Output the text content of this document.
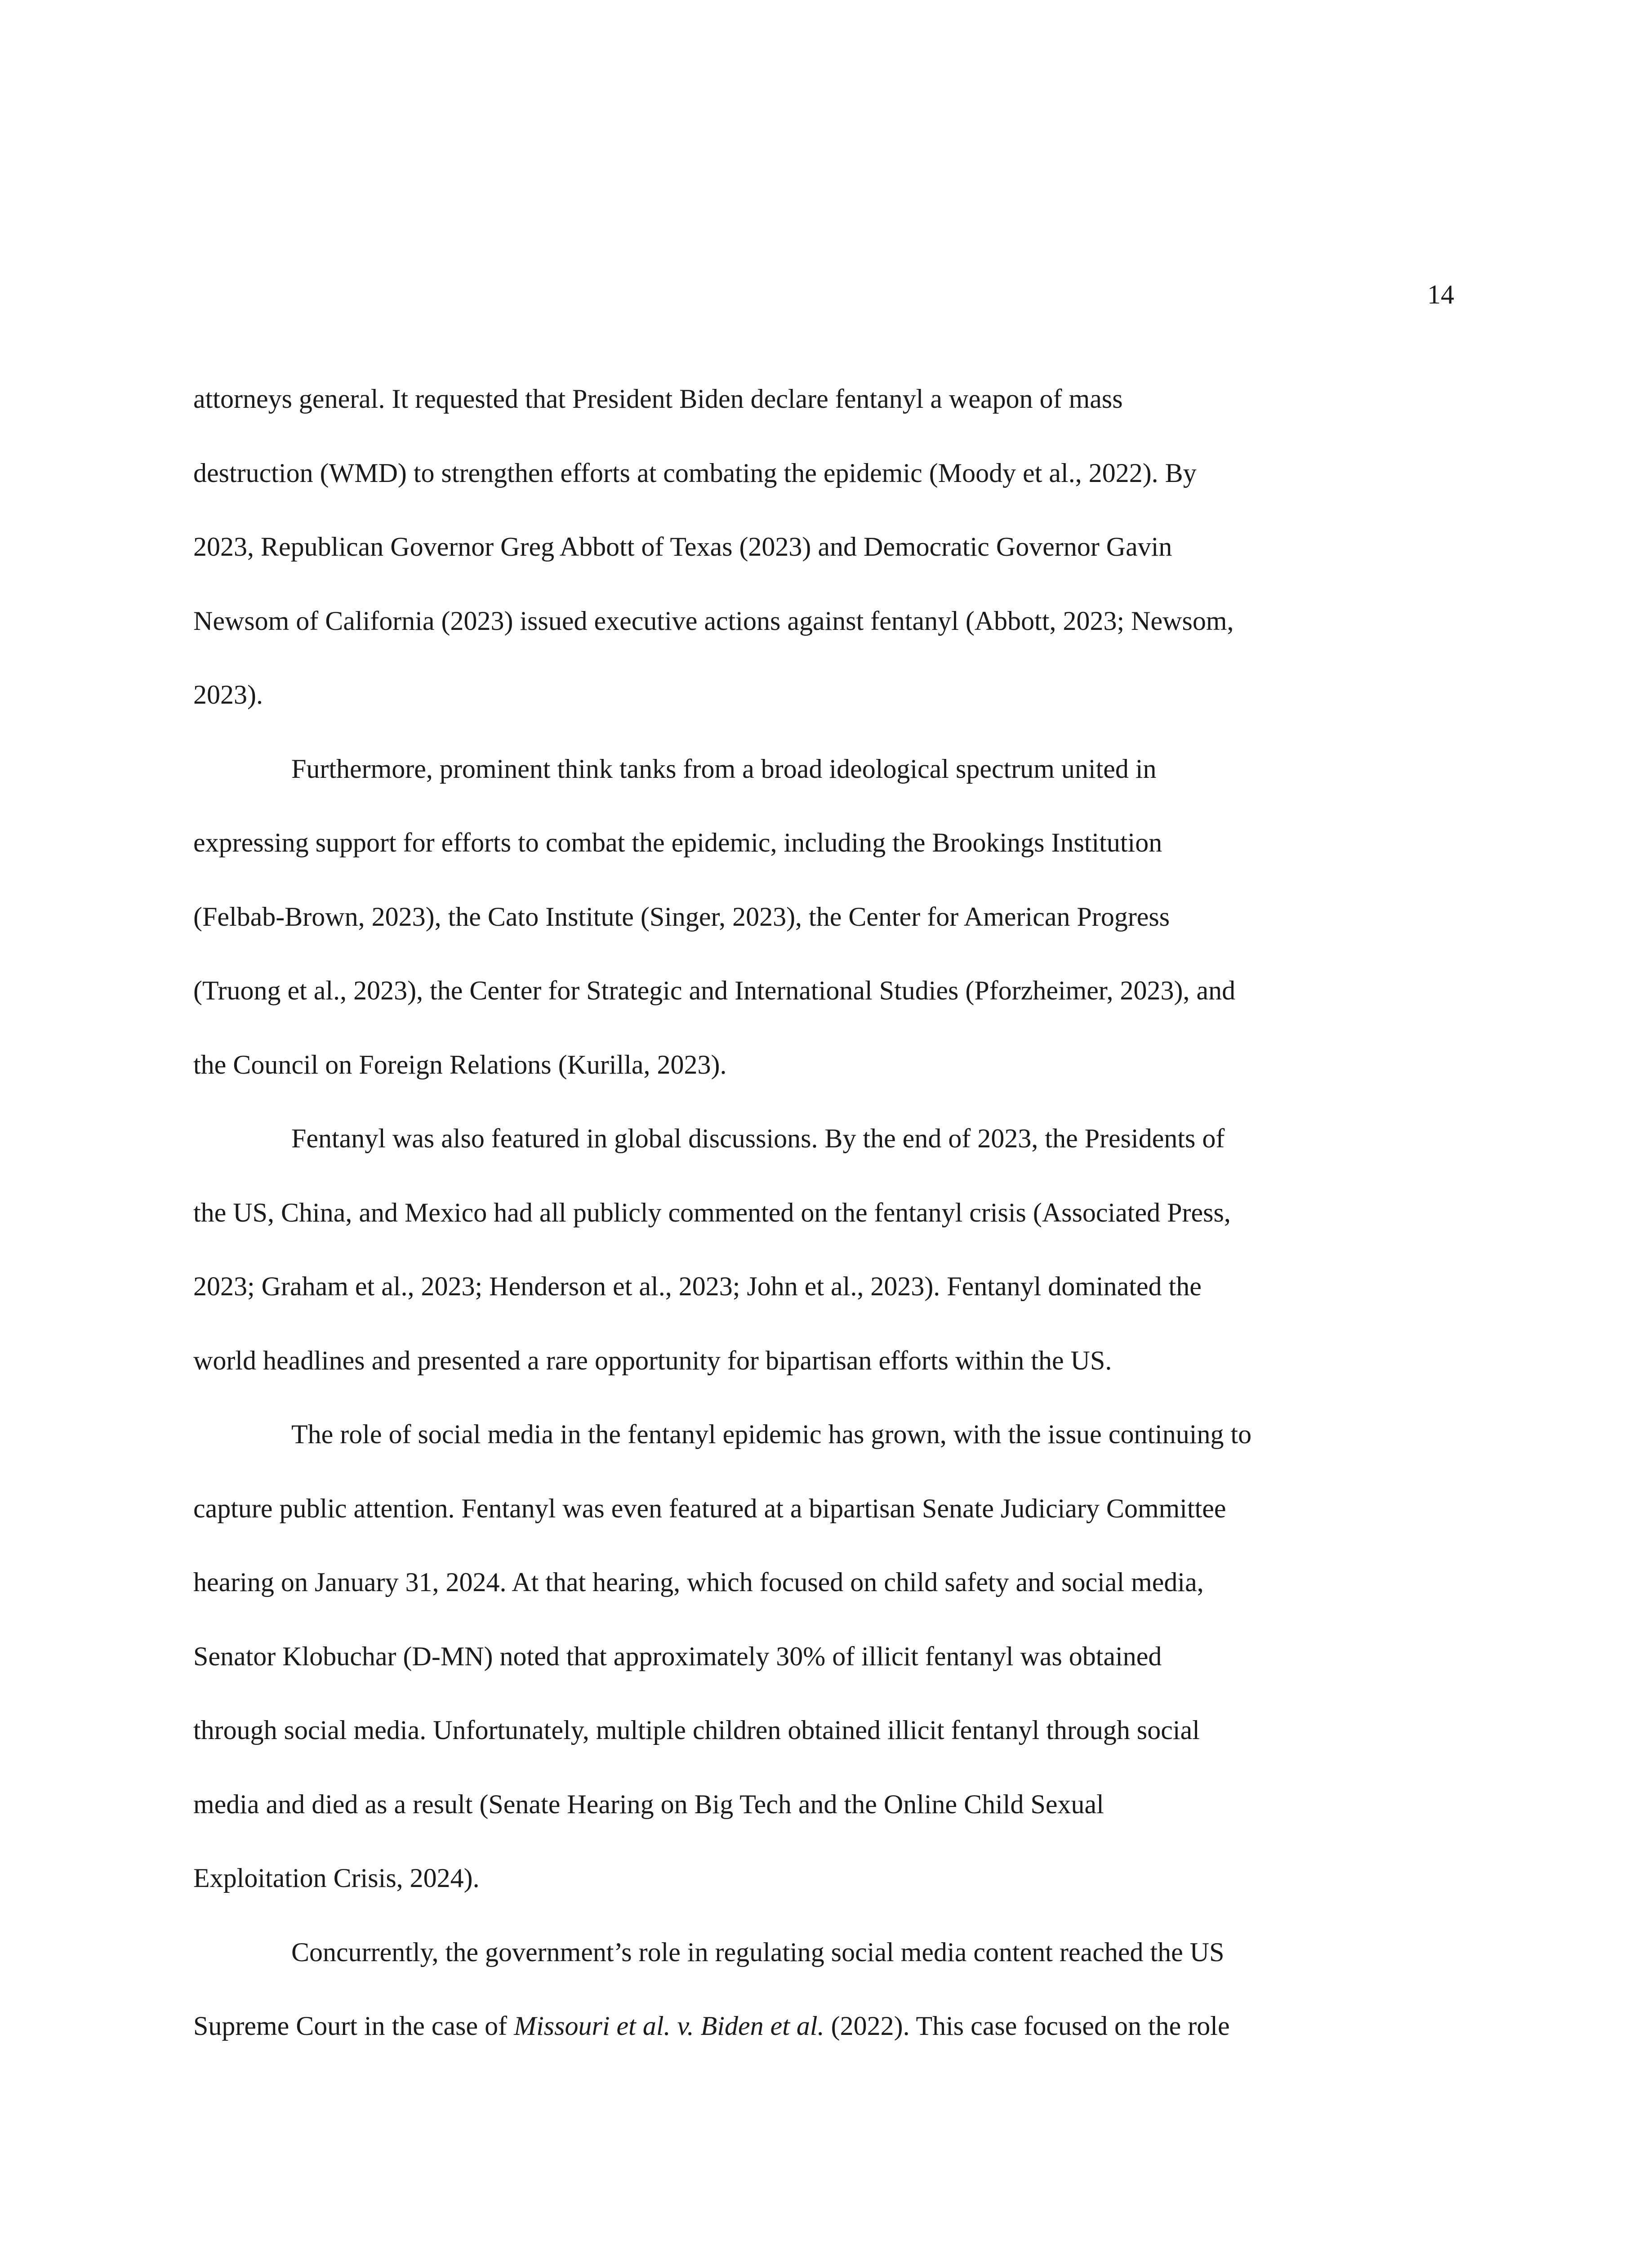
14
attorneys general. It requested that President Biden declare fentanyl a weapon of mass
destruction (WMD) to strengthen efforts at combating the epidemic (Moody et al., 2022). By
2023, Republican Governor Greg Abbott of Texas (2023) and Democratic Governor Gavin
Newsom of California (2023) issued executive actions against fentanyl (Abbott, 2023; Newsom,
2023).
Furthermore, prominent think tanks from a broad ideological spectrum united in
expressing support for efforts to combat the epidemic, including the Brookings Institution
(Felbab-Brown, 2023), the Cato Institute (Singer, 2023), the Center for American Progress
(Truong et al., 2023), the Center for Strategic and International Studies (Pforzheimer, 2023), and
the Council on Foreign Relations (Kurilla, 2023).
Fentanyl was also featured in global discussions. By the end of 2023, the Presidents of
the US, China, and Mexico had all publicly commented on the fentanyl crisis (Associated Press,
2023; Graham et al., 2023; Henderson et al., 2023; John et al., 2023). Fentanyl dominated the
world headlines and presented a rare opportunity for bipartisan efforts within the US.
The role of social media in the fentanyl epidemic has grown, with the issue continuing to
capture public attention. Fentanyl was even featured at a bipartisan Senate Judiciary Committee
hearing on January 31, 2024. At that hearing, which focused on child safety and social media,
Senator Klobuchar (D-MN) noted that approximately 30% of illicit fentanyl was obtained
through social media. Unfortunately, multiple children obtained illicit fentanyl through social
media and died as a result (Senate Hearing on Big Tech and the Online Child Sexual
Exploitation Crisis, 2024).
Concurrently, the government’s role in regulating social media content reached the US
Supreme Court in the case of Missouri et al. v. Biden et al. (2022). This case focused on the role
